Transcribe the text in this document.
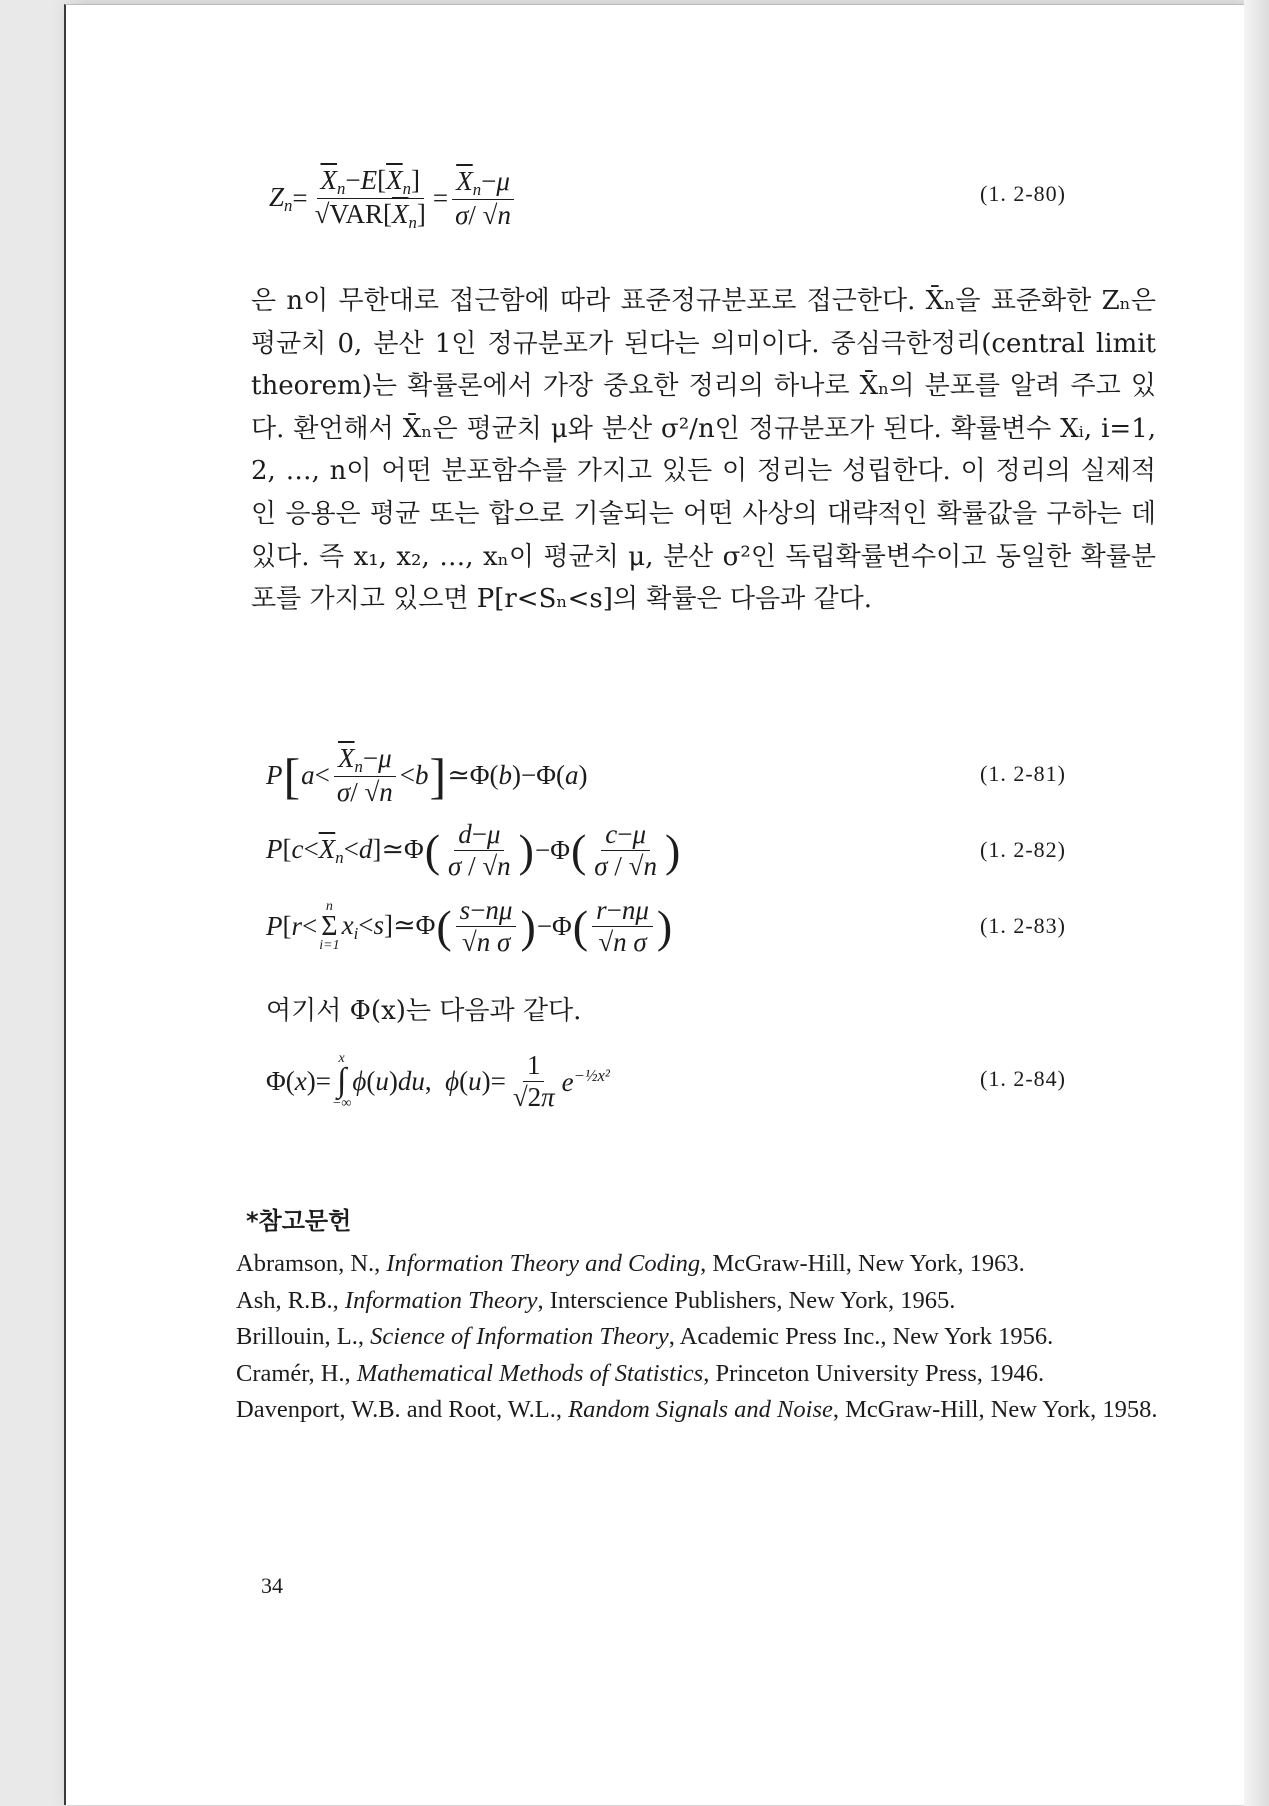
$Z_n = \frac{\overline{X}_n-E[\overline{X}_n]}{√VAR[\overline{X}_n]} = \frac{\overline{X}_n-\mu}{\sigma/ √n}$	(1. 2-80)
은 n이 무한대로 접근함에 따라 표준정규분포로 접근한다. X̄ₙ을 표준화한 Zₙ은 평균치 0, 분산 1인 정규분포가 된다는 의미이다. 중심극한정리(central limit theorem)는 확률론에서 가장 중요한 정리의 하나로 X̄ₙ의 분포를 알려 주고 있다. 환언해서 X̄ₙ은 평균치 μ와 분산 σ²/n인 정규분포가 된다. 확률변수 Xᵢ, i=1, 2, …, n이 어떤 분포함수를 가지고 있든 이 정리는 성립한다. 이 정리의 실제적인 응용은 평균 또는 합으로 기술되는 어떤 사상의 대략적인 확률값을 구하는 데 있다. 즉 x₁, x₂, …, xₙ이 평균치 μ, 분산 σ²인 독립확률변수이고 동일한 확률분포를 가지고 있으면 P[r<Sₙ<s]의 확률은 다음과 같다.
P [ $a < \frac{\overline{X}_n-\mu}{\sigma/ √n} < b$ ] ≃Φ( b )−Φ( a )	(1. 2-81)
$P[c<\overline{X}_n<d]≃\Phi$ ( $\frac{d-\mu}{\sigma / √n}$ ) −Φ ( $\frac{c-\mu}{\sigma / √n}$ )	(1. 2-82)
P[r<
n
Σ
i=1
$x_i<s]≃\Phi$ ( $\frac{s-n\mu}{\text{√n σ}}$ ) −Φ ( $\frac{r-n\mu}{\text{√n σ}}$ )	(1. 2-83)
여기서 Φ(x)는 다음과 같다.
Φ(x)=
x
∫
−∞
ϕ(u)du,  $\phi(u)= \frac{1}{√2\pi} e^{-\frac{1}{2}x^2}$	(1. 2-84)
*참고문헌

Abramson, N., Information Theory and Coding, McGraw-Hill, New York, 1963.

Ash, R.B., Information Theory, Interscience Publishers, New York, 1965.

Brillouin, L., Science of Information Theory, Academic Press Inc., New York 1956.

Cramér, H., Mathematical Methods of Statistics, Princeton University Press, 1946.

Davenport, W.B. and Root, W.L., Random Signals and Noise, McGraw-Hill, New York, 1958.

34
